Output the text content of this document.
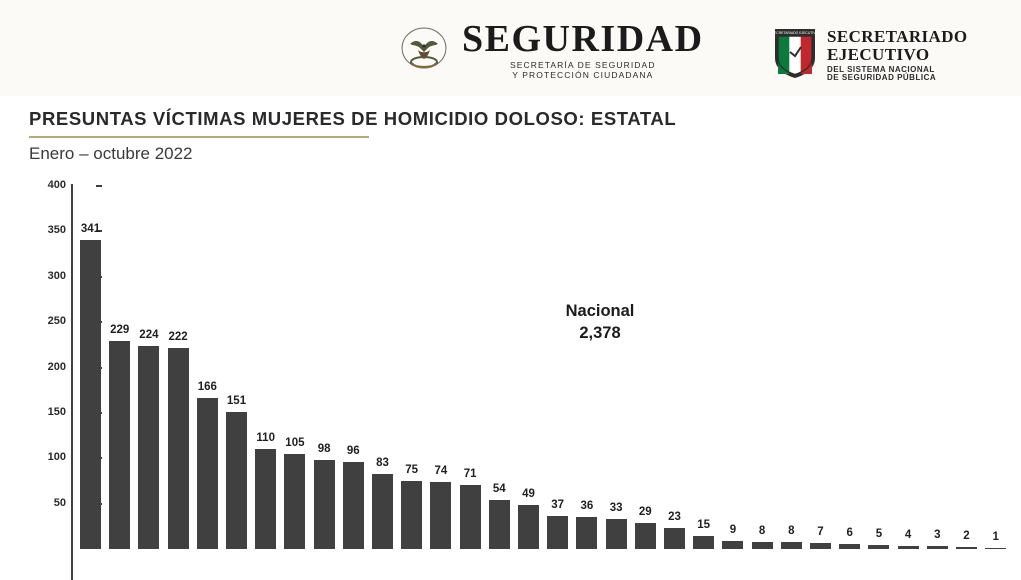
SEGURIDAD
SECRETARÍA DE SEGURIDAD
Y PROTECCIÓN CIUDADANA
SECRETARIADO EJECUTIVO SECRETARIADO
EJECUTIVO
DEL SISTEMA NACIONAL
DE SEGURIDAD PÚBLICA
PRESUNTAS VÍCTIMAS MUJERES DE HOMICIDIO DOLOSO: ESTATAL
Enero – octubre 2022
400
350
300
250
200
150
100
50
341
229 224 222
166
151
110 105
98	96
83
75	74	71
54	49
37	36	33	29	23
15	9	8	8	7	6	5	4	3	2	1
Nacional
2,378
